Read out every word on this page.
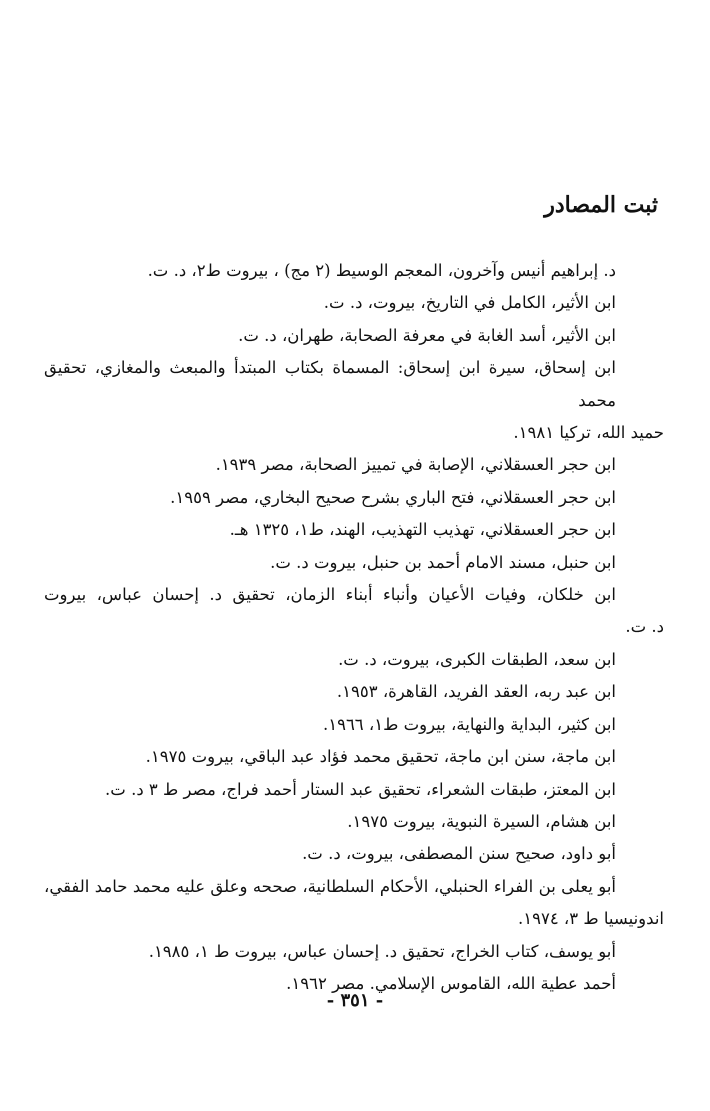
ثبت المصادر

د. إبراهيم أنيس وآخرون، المعجم الوسيط (٢ مج) ، بيروت ط٢، د. ت.

ابن الأثير، الكامل في التاريخ، بيروت، د. ت.

ابن الأثير، أسد الغابة في معرفة الصحابة، طهران، د. ت.

ابن إسحاق، سيرة ابن إسحاق: المسماة بكتاب المبتدأ والمبعث والمغازي، تحقيق محمد
حميد الله، تركيا ١٩٨١.

ابن حجر العسقلاني، الإصابة في تمييز الصحابة، مصر ١٩٣٩.

ابن حجر العسقلاني، فتح الباري بشرح صحيح البخاري، مصر ١٩٥٩.

ابن حجر العسقلاني، تهذيب التهذيب، الهند، ط١، ١٣٢٥ هـ.

ابن حنبل، مسند الامام أحمد بن حنبل، بيروت د. ت.

ابن خلكان، وفيات الأعيان وأنباء أبناء الزمان، تحقيق د. إحسان عباس، بيروت
د. ت.

ابن سعد، الطبقات الكبرى، بيروت، د. ت.

ابن عبد ربه، العقد الفريد، القاهرة، ١٩٥٣.

ابن كثير، البداية والنهاية، بيروت ط١، ١٩٦٦.

ابن ماجة، سنن ابن ماجة، تحقيق محمد فؤاد عبد الباقي، بيروت ١٩٧٥.

ابن المعتز، طبقات الشعراء، تحقيق عبد الستار أحمد فراج، مصر ط ٣ د. ت.

ابن هشام، السيرة النبوية، بيروت ١٩٧٥.

أبو داود، صحيح سنن المصطفى، بيروت، د. ت.

أبو يعلى بن الفراء الحنبلي، الأحكام السلطانية، صححه وعلق عليه محمد حامد الفقي،
اندونيسيا ط ٣، ١٩٧٤.

أبو يوسف، كتاب الخراج، تحقيق د. إحسان عباس، بيروت ط ١، ١٩٨٥.

أحمد عطية الله، القاموس الإسلامي. مصر ١٩٦٢.

- ٣٥١ -
